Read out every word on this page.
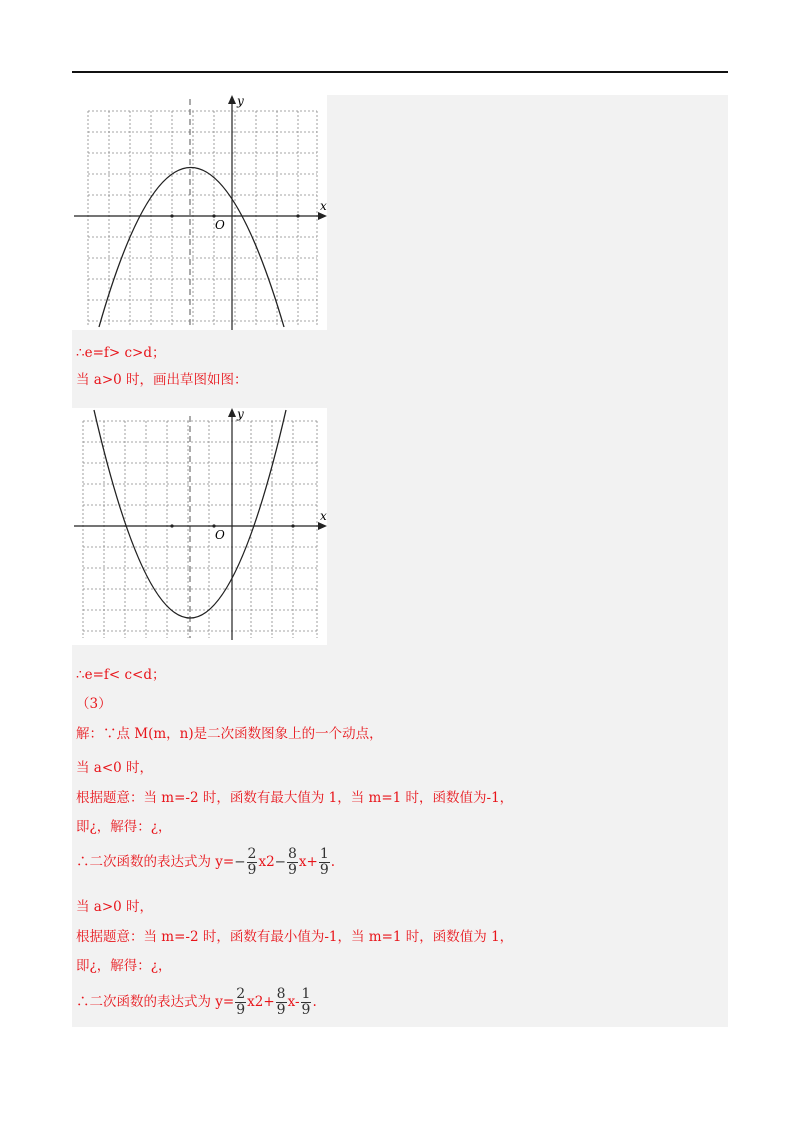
y
x
O
∴e=f> c>d；
当 a>0 时，画出草图如图：
y
x
O
∴e=f< c<d；
（3）
解：∵点 M(m，n)是二次函数图象上的一个动点，
当 a<0 时，
根据题意：当 m=-2 时，函数有最大值为 1，当 m=1 时，函数值为-1，
即¿，解得：¿，
∴二次函数的表达式为 $y=- \frac{2}{9} x2- \frac{8}{9} x+ \frac{1}{9}$ .
当 a>0 时，
根据题意：当 m=-2 时，函数有最小值为-1，当 m=1 时，函数值为 1，
即¿，解得：¿，
∴二次函数的表达式为 $y= \frac{2}{9} x2+ \frac{8}{9} x- \frac{1}{9}$ .
